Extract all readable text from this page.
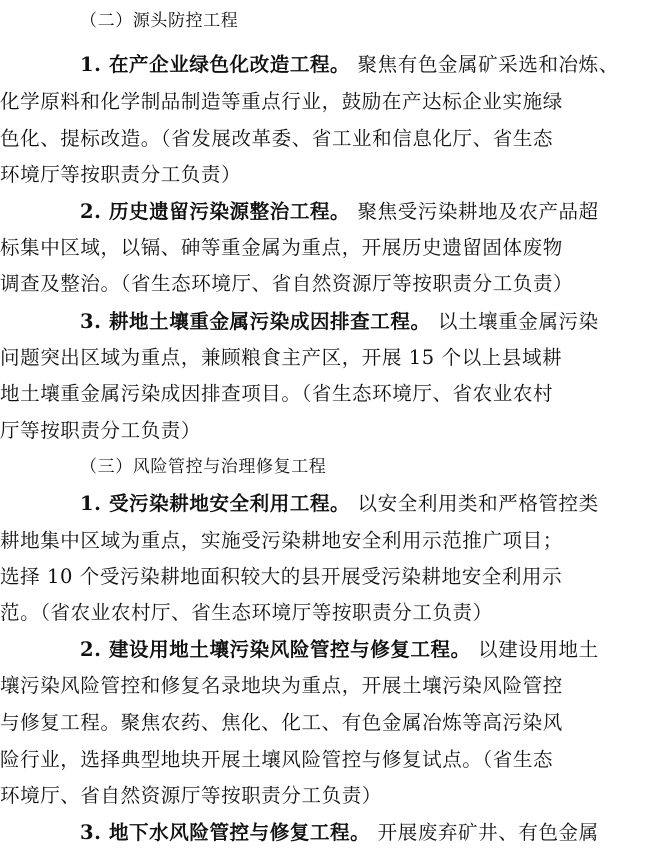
（二）源头防控工程
1. 在产企业绿色化改造工程。 聚焦有色金属矿采选和冶炼、
化学原料和化学制品制造等重点行业，鼓励在产达标企业实施绿
色化、提标改造。（省发展改革委、省工业和信息化厅、省生态
环境厅等按职责分工负责）
2. 历史遗留污染源整治工程。 聚焦受污染耕地及农产品超
标集中区域，以镉、砷等重金属为重点，开展历史遗留固体废物
调查及整治。（省生态环境厅、省自然资源厅等按职责分工负责）
3. 耕地土壤重金属污染成因排查工程。 以土壤重金属污染
问题突出区域为重点，兼顾粮食主产区，开展 15 个以上县域耕
地土壤重金属污染成因排查项目。（省生态环境厅、省农业农村
厅等按职责分工负责）
（三）风险管控与治理修复工程
1. 受污染耕地安全利用工程。 以安全利用类和严格管控类
耕地集中区域为重点，实施受污染耕地安全利用示范推广项目；
选择 10 个受污染耕地面积较大的县开展受污染耕地安全利用示
范。（省农业农村厅、省生态环境厅等按职责分工负责）
2. 建设用地土壤污染风险管控与修复工程。 以建设用地土
壤污染风险管控和修复名录地块为重点，开展土壤污染风险管控
与修复工程。聚焦农药、焦化、化工、有色金属冶炼等高污染风
险行业，选择典型地块开展土壤风险管控与修复试点。（省生态
环境厅、省自然资源厅等按职责分工负责）
3. 地下水风险管控与修复工程。 开展废弃矿井、有色金属
